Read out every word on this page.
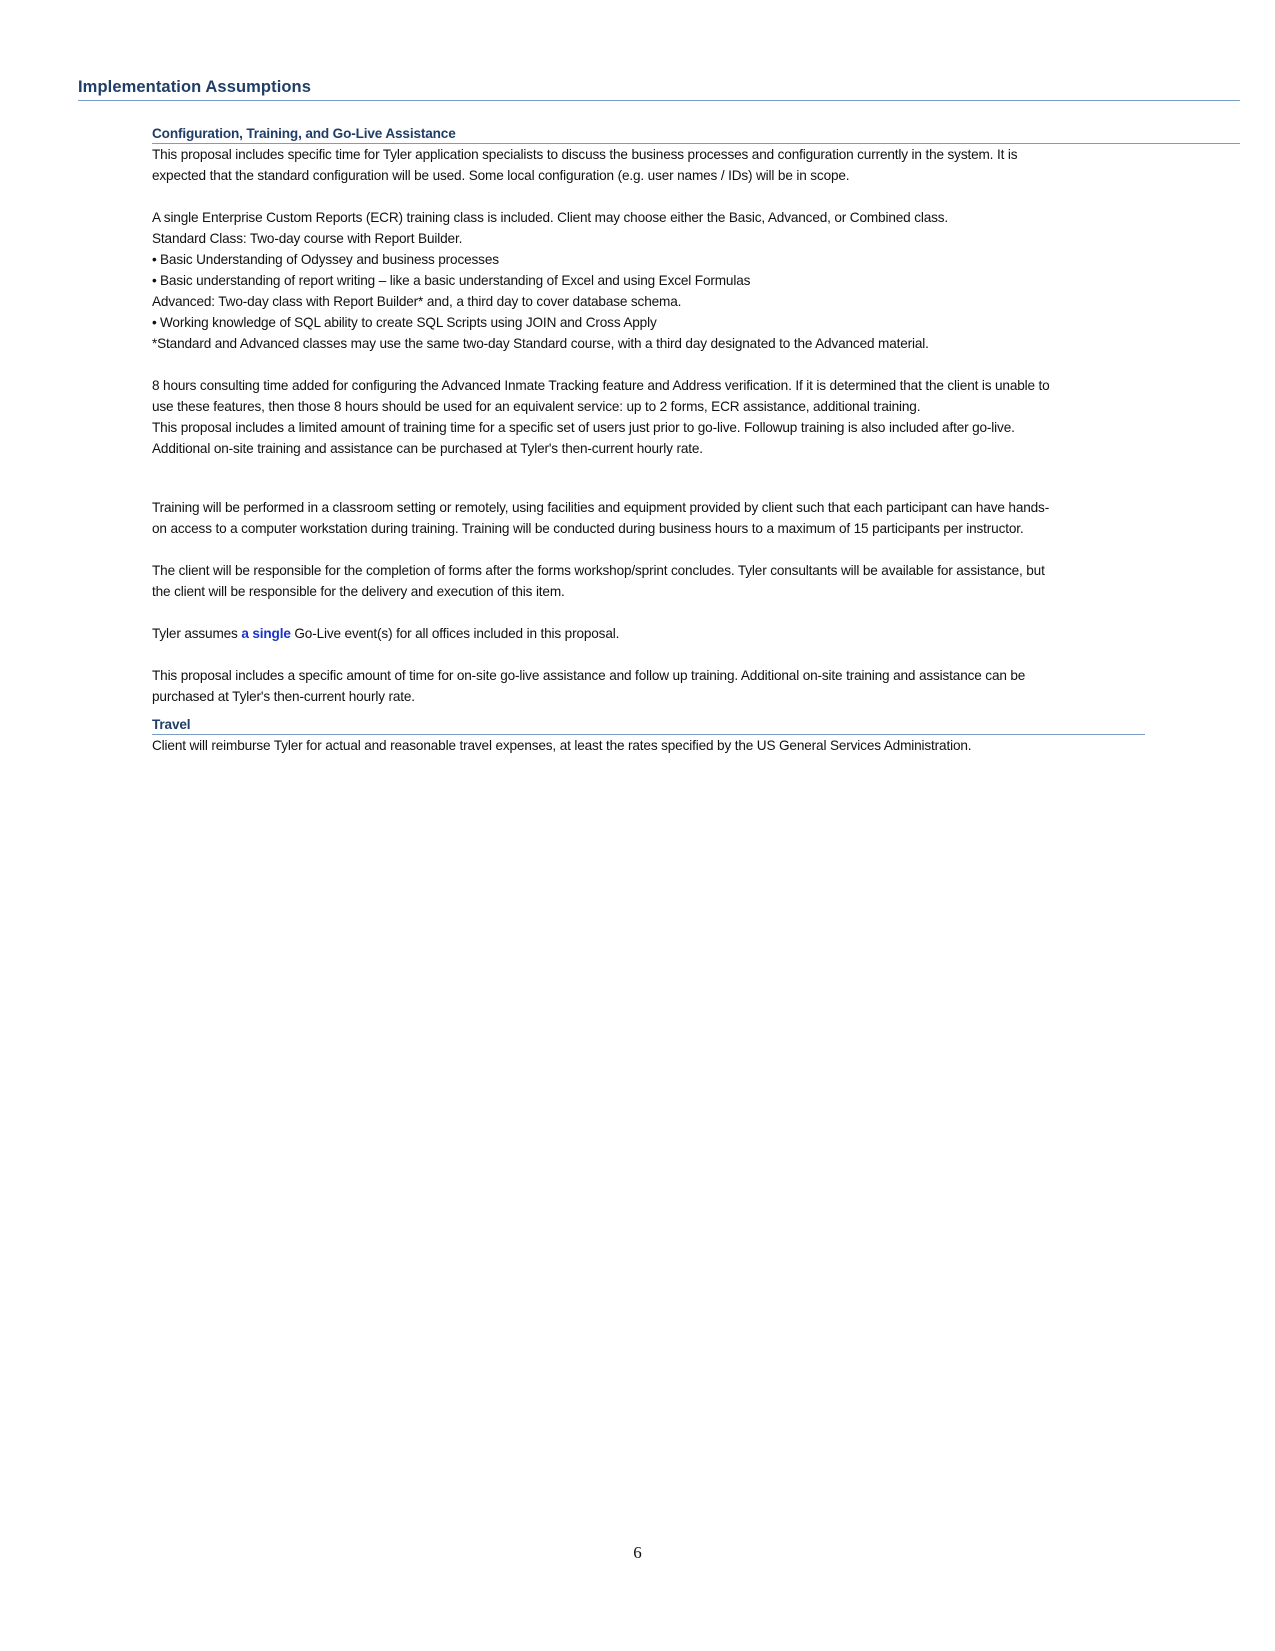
Implementation Assumptions
Configuration, Training, and Go-Live Assistance

This proposal includes specific time for Tyler application specialists to discuss the business processes and configuration currently in the system. It is
expected that the standard configuration will be used. Some local configuration (e.g. user names / IDs) will be in scope.

A single Enterprise Custom Reports (ECR) training class is included. Client may choose either the Basic, Advanced, or Combined class.
Standard Class: Two-day course with Report Builder.
• Basic Understanding of Odyssey and business processes
• Basic understanding of report writing – like a basic understanding of Excel and using Excel Formulas
Advanced: Two-day class with Report Builder* and, a third day to cover database schema.
• Working knowledge of SQL ability to create SQL Scripts using JOIN and Cross Apply
*Standard and Advanced classes may use the same two-day Standard course, with a third day designated to the Advanced material.

8 hours consulting time added for configuring the Advanced Inmate Tracking feature and Address verification. If it is determined that the client is unable to
use these features, then those 8 hours should be used for an equivalent service: up to 2 forms, ECR assistance, additional training.
This proposal includes a limited amount of training time for a specific set of users just prior to go-live. Followup training is also included after go-live.
Additional on-site training and assistance can be purchased at Tyler's then-current hourly rate.

Training will be performed in a classroom setting or remotely, using facilities and equipment provided by client such that each participant can have hands-
on access to a computer workstation during training. Training will be conducted during business hours to a maximum of 15 participants per instructor.

The client will be responsible for the completion of forms after the forms workshop/sprint concludes. Tyler consultants will be available for assistance, but
the client will be responsible for the delivery and execution of this item.

Tyler assumes a single Go-Live event(s) for all offices included in this proposal.

This proposal includes a specific amount of time for on-site go-live assistance and follow up training. Additional on-site training and assistance can be
purchased at Tyler's then-current hourly rate.

Travel

Client will reimburse Tyler for actual and reasonable travel expenses, at least the rates specified by the US General Services Administration.

6
